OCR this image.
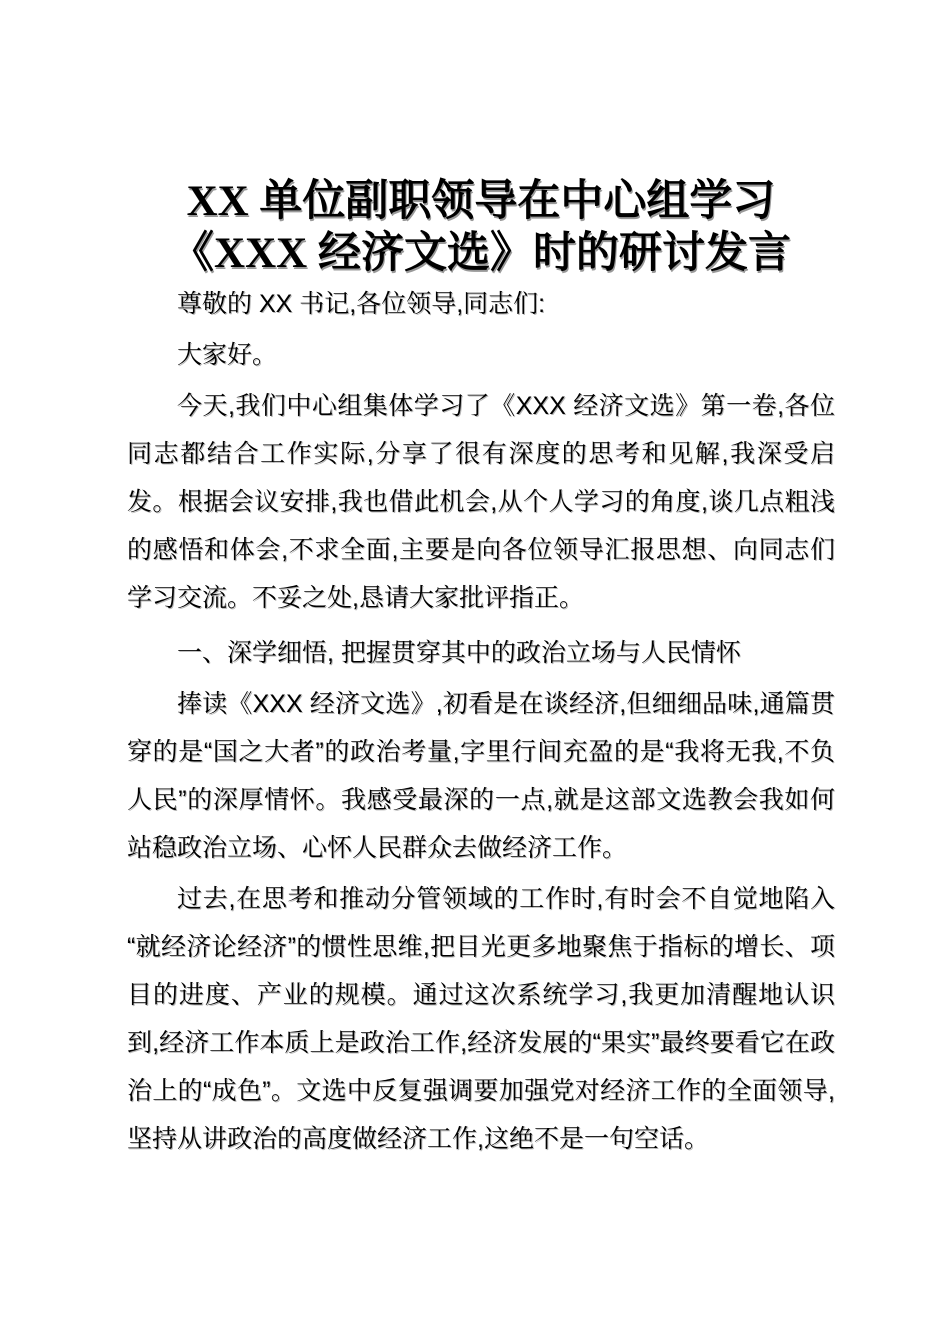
XX 单位副职领导在中心组学习《XXX 经济文选》时的研讨发言

尊敬的 XX 书记,各位领导,同志们:

大家好。

今天,我们中心组集体学习了《XXX 经济文选》第一卷,各位同志都结合工作实际,分享了很有深度的思考和见解,我深受启发。根据会议安排,我也借此机会,从个人学习的角度,谈几点粗浅的感悟和体会,不求全面,主要是向各位领导汇报思想、向同志们学习交流。不妥之处,恳请大家批评指正。

一、深学细悟, 把握贯穿其中的政治立场与人民情怀

捧读《XXX 经济文选》,初看是在谈经济,但细细品味,通篇贯穿的是“国之大者”的政治考量,字里行间充盈的是“我将无我,不负人民”的深厚情怀。我感受最深的一点,就是这部文选教会我如何站稳政治立场、心怀人民群众去做经济工作。

过去,在思考和推动分管领域的工作时,有时会不自觉地陷入“就经济论经济”的惯性思维,把目光更多地聚焦于指标的增长、项目的进度、产业的规模。通过这次系统学习,我更加清醒地认识到,经济工作本质上是政治工作,经济发展的“果实”最终要看它在政治上的“成色”。文选中反复强调要加强党对经济工作的全面领导,坚持从讲政治的高度做经济工作,这绝不是一句空话。
